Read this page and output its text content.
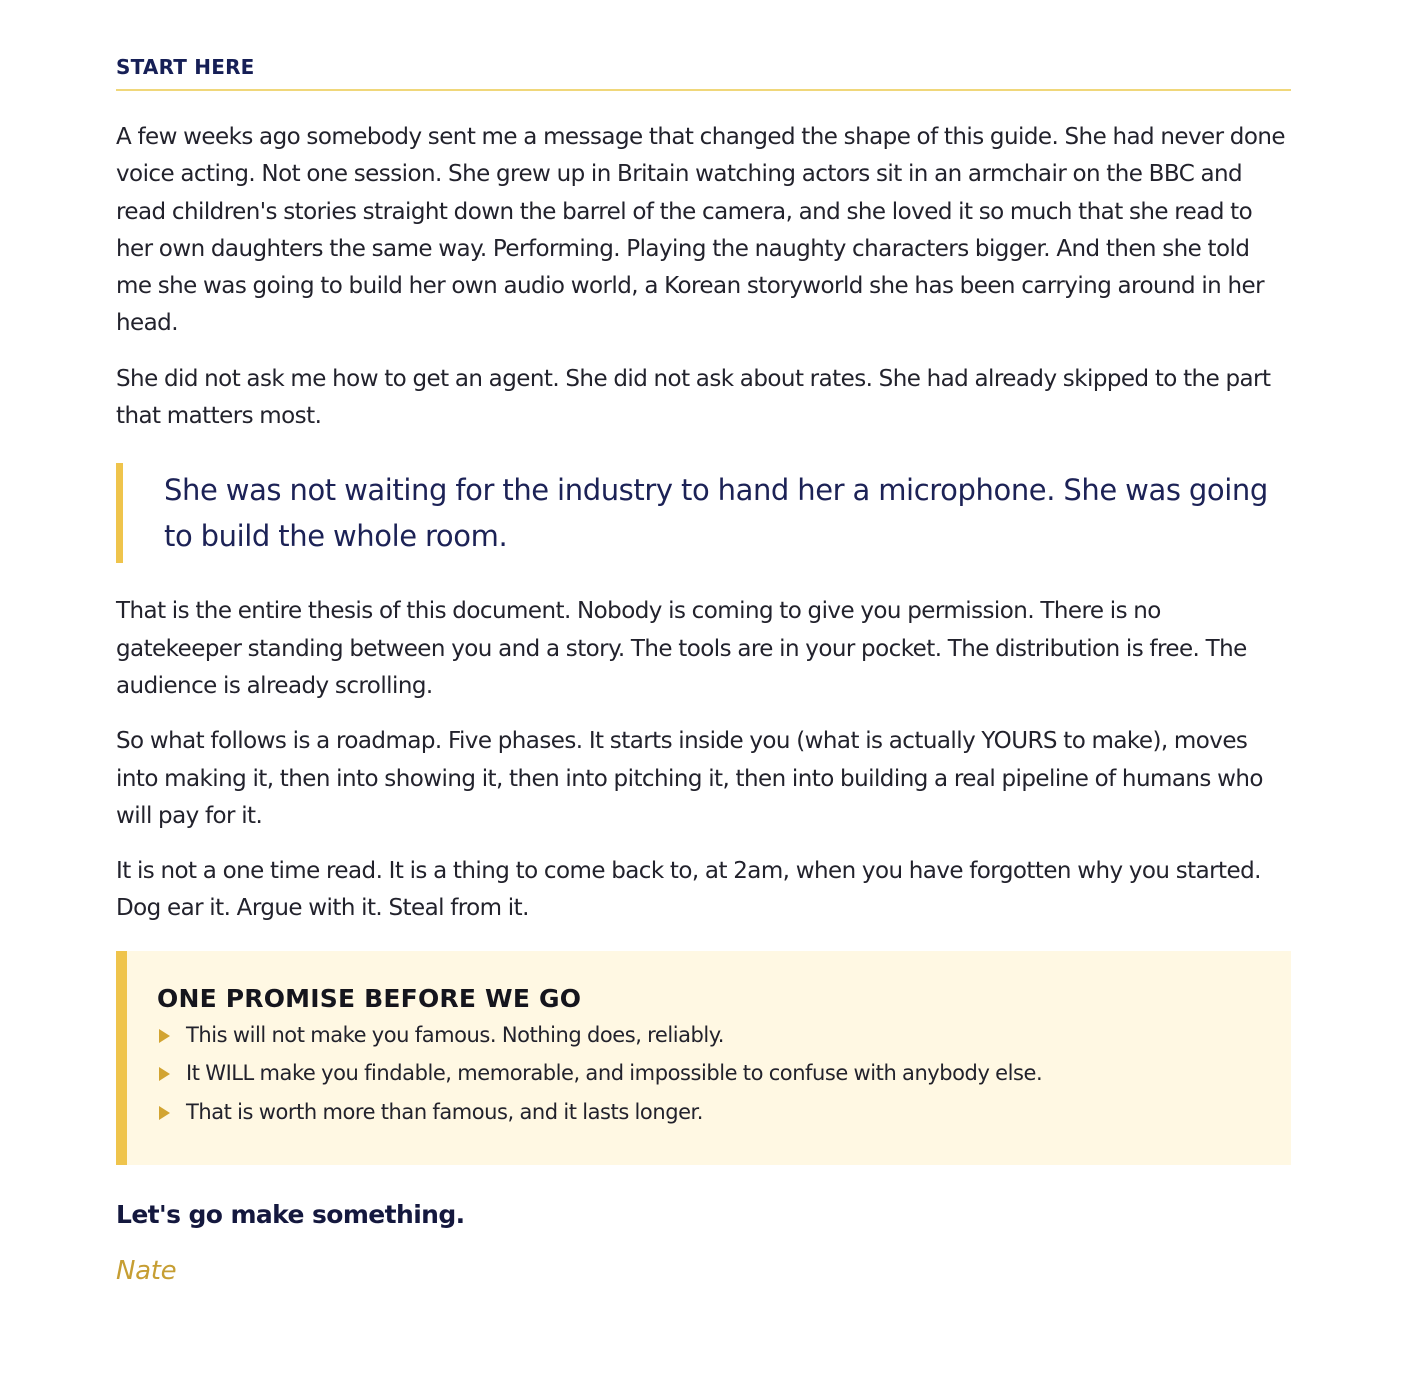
START HERE

A few weeks ago somebody sent me a message that changed the shape of this guide. She had never done voice acting. Not one session. She grew up in Britain watching actors sit in an armchair on the BBC and read children's stories straight down the barrel of the camera, and she loved it so much that she read to her own daughters the same way. Performing. Playing the naughty characters bigger. And then she told me she was going to build her own audio world, a Korean storyworld she has been carrying around in her head.

She did not ask me how to get an agent. She did not ask about rates. She had already skipped to the part that matters most.

She was not waiting for the industry to hand her a microphone. She was going to build the whole room.

That is the entire thesis of this document. Nobody is coming to give you permission. There is no gatekeeper standing between you and a story. The tools are in your pocket. The distribution is free. The audience is already scrolling.

So what follows is a roadmap. Five phases. It starts inside you (what is actually YOURS to make), moves into making it, then into showing it, then into pitching it, then into building a real pipeline of humans who will pay for it.

It is not a one time read. It is a thing to come back to, at 2am, when you have forgotten why you started. Dog ear it. Argue with it. Steal from it.

ONE PROMISE BEFORE WE GO
This will not make you famous. Nothing does, reliably.
It WILL make you findable, memorable, and impossible to confuse with anybody else.
That is worth more than famous, and it lasts longer.
Let's go make something.
Nate
